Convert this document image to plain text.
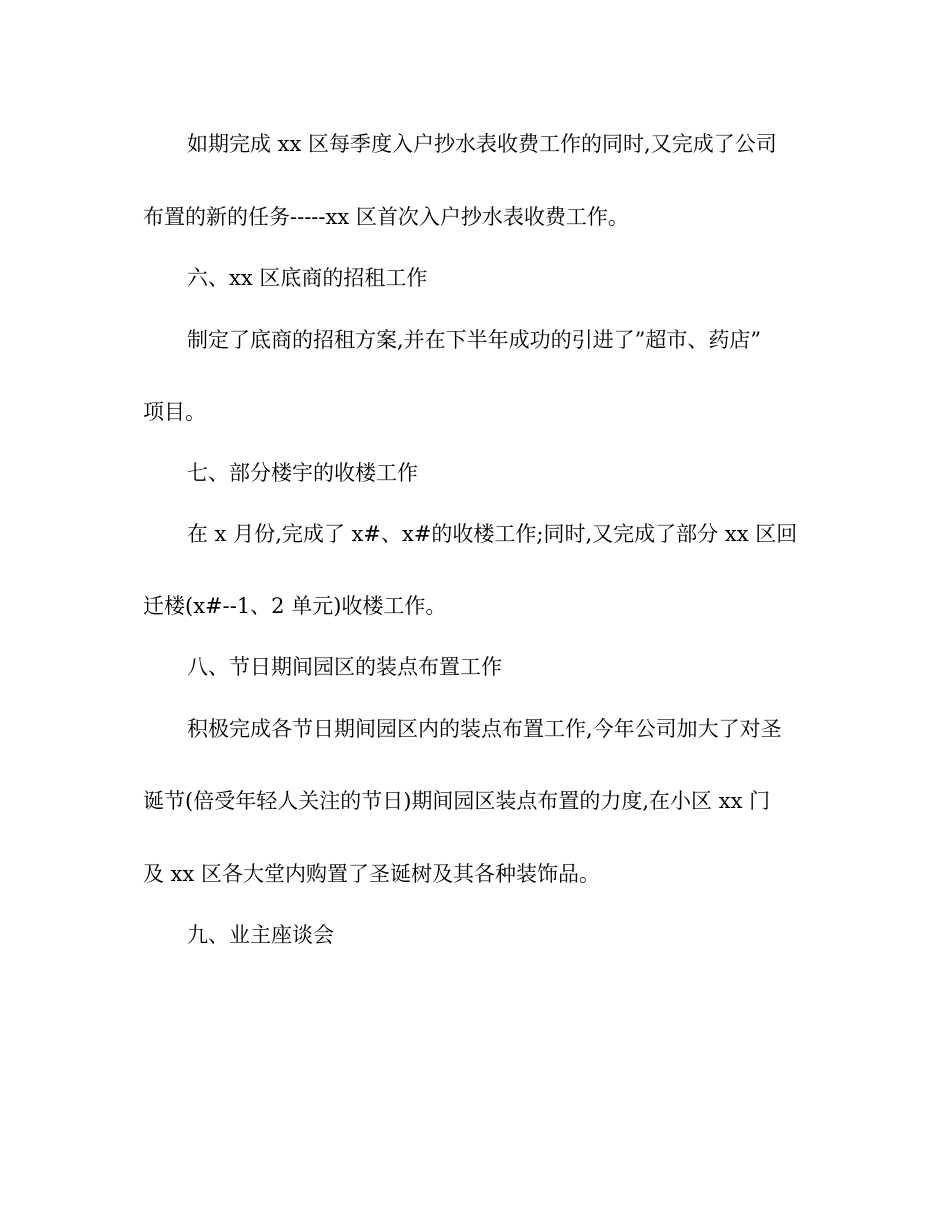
如期完成 xx 区每季度入户抄水表收费工作的同时,又完成了公司
布置的新的任务-----xx 区首次入户抄水表收费工作。
六、xx 区底商的招租工作
制定了底商的招租方案,并在下半年成功的引进了”超市、药店”
项目。
七、部分楼宇的收楼工作
在 x 月份,完成了 x#、x#的收楼工作;同时,又完成了部分 xx 区回
迁楼(x#--1、2 单元)收楼工作。
八、节日期间园区的装点布置工作
积极完成各节日期间园区内的装点布置工作,今年公司加大了对圣
诞节(倍受年轻人关注的节日)期间园区装点布置的力度,在小区 xx 门
及 xx 区各大堂内购置了圣诞树及其各种装饰品。
九、业主座谈会
